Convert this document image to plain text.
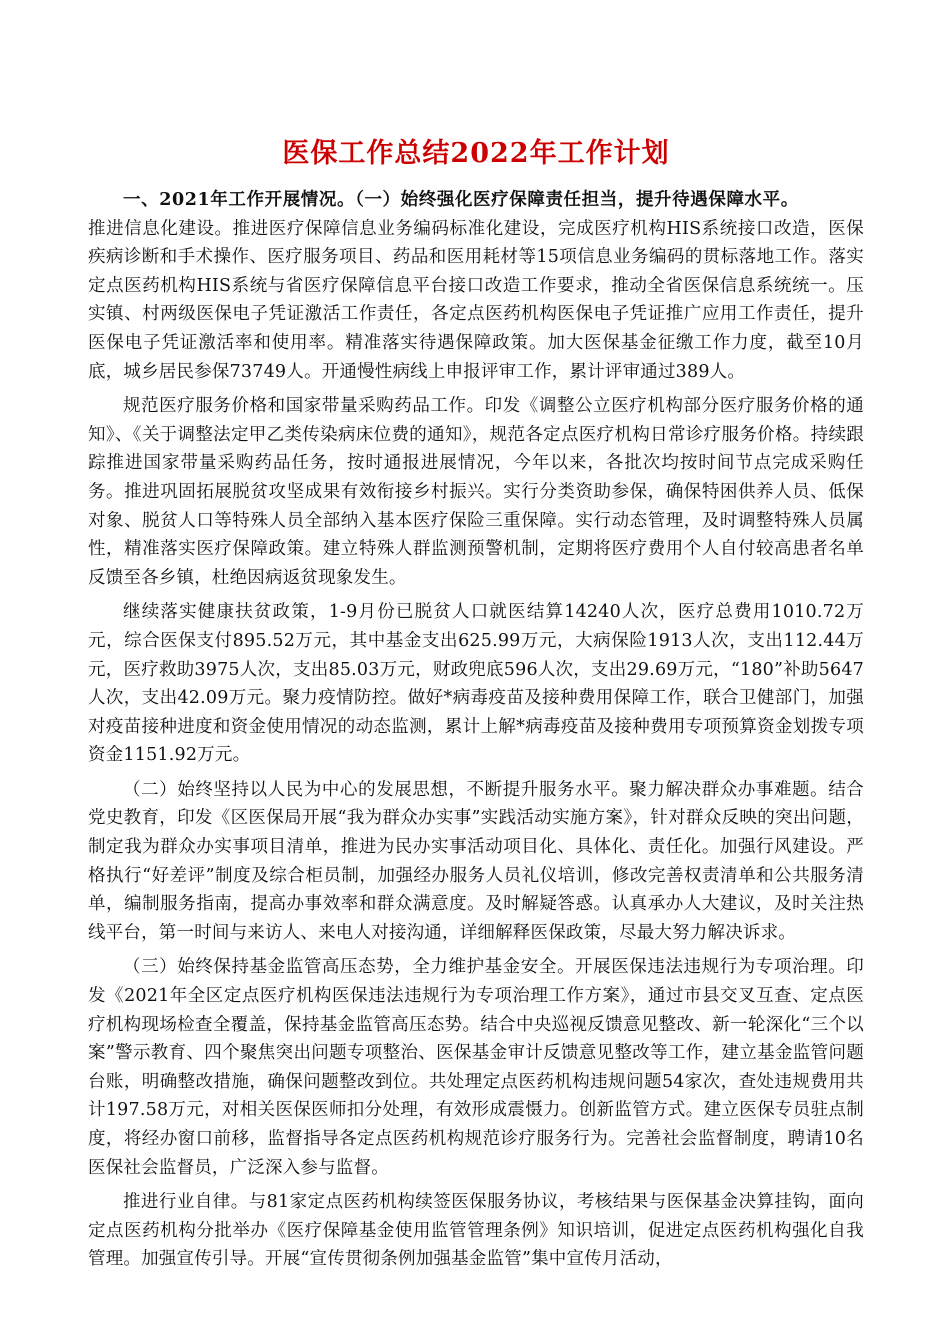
医保工作总结2022年工作计划

一、2021年工作开展情况。（一）始终强化医疗保障责任担当，提升待遇保障水平。
推进信息化建设。推进医疗保障信息业务编码标准化建设，完成医疗机构HIS系统接口改造，医保疾病诊断和手术操作、医疗服务项目、药品和医用耗材等15项信息业务编码的贯标落地工作。落实定点医药机构HIS系统与省医疗保障信息平台接口改造工作要求，推动全省医保信息系统统一。压实镇、村两级医保电子凭证激活工作责任，各定点医药机构医保电子凭证推广应用工作责任，提升医保电子凭证激活率和使用率。精准落实待遇保障政策。加大医保基金征缴工作力度，截至10月底，城乡居民参保73749人。开通慢性病线上申报评审工作，累计评审通过389人。

规范医疗服务价格和国家带量采购药品工作。印发《调整公立医疗机构部分医疗服务价格的通知》、《关于调整法定甲乙类传染病床位费的通知》，规范各定点医疗机构日常诊疗服务价格。持续跟踪推进国家带量采购药品任务，按时通报进展情况，今年以来，各批次均按时间节点完成采购任务。推进巩固拓展脱贫攻坚成果有效衔接乡村振兴。实行分类资助参保，确保特困供养人员、低保对象、脱贫人口等特殊人员全部纳入基本医疗保险三重保障。实行动态管理，及时调整特殊人员属性，精准落实医疗保障政策。建立特殊人群监测预警机制，定期将医疗费用个人自付较高患者名单反馈至各乡镇，杜绝因病返贫现象发生。

继续落实健康扶贫政策，1-9月份已脱贫人口就医结算14240人次，医疗总费用1010.72万元，综合医保支付895.52万元，其中基金支出625.99万元，大病保险1913人次，支出112.44万元，医疗救助3975人次，支出85.03万元，财政兜底596人次，支出29.69万元，“180”补助5647人次，支出42.09万元。聚力疫情防控。做好*病毒疫苗及接种费用保障工作，联合卫健部门，加强对疫苗接种进度和资金使用情况的动态监测，累计上解*病毒疫苗及接种费用专项预算资金划拨专项资金1151.92万元。

（二）始终坚持以人民为中心的发展思想，不断提升服务水平。聚力解决群众办事难题。结合党史教育，印发《区医保局开展“我为群众办实事”实践活动实施方案》，针对群众反映的突出问题，制定我为群众办实事项目清单，推进为民办实事活动项目化、具体化、责任化。加强行风建设。严格执行“好差评”制度及综合柜员制，加强经办服务人员礼仪培训，修改完善权责清单和公共服务清单，编制服务指南，提高办事效率和群众满意度。及时解疑答惑。认真承办人大建议，及时关注热线平台，第一时间与来访人、来电人对接沟通，详细解释医保政策，尽最大努力解决诉求。

（三）始终保持基金监管高压态势，全力维护基金安全。开展医保违法违规行为专项治理。印发《2021年全区定点医疗机构医保违法违规行为专项治理工作方案》，通过市县交叉互查、定点医疗机构现场检查全覆盖，保持基金监管高压态势。结合中央巡视反馈意见整改、新一轮深化“三个以案”警示教育、四个聚焦突出问题专项整治、医保基金审计反馈意见整改等工作，建立基金监管问题台账，明确整改措施，确保问题整改到位。共处理定点医药机构违规问题54家次，查处违规费用共计197.58万元，对相关医保医师扣分处理，有效形成震慑力。创新监管方式。建立医保专员驻点制度，将经办窗口前移，监督指导各定点医药机构规范诊疗服务行为。完善社会监督制度，聘请10名医保社会监督员，广泛深入参与监督。

推进行业自律。与81家定点医药机构续签医保服务协议，考核结果与医保基金决算挂钩，面向定点医药机构分批举办《医疗保障基金使用监管管理条例》知识培训，促进定点医药机构强化自我管理。加强宣传引导。开展“宣传贯彻条例加强基金监管”集中宣传月活动，
